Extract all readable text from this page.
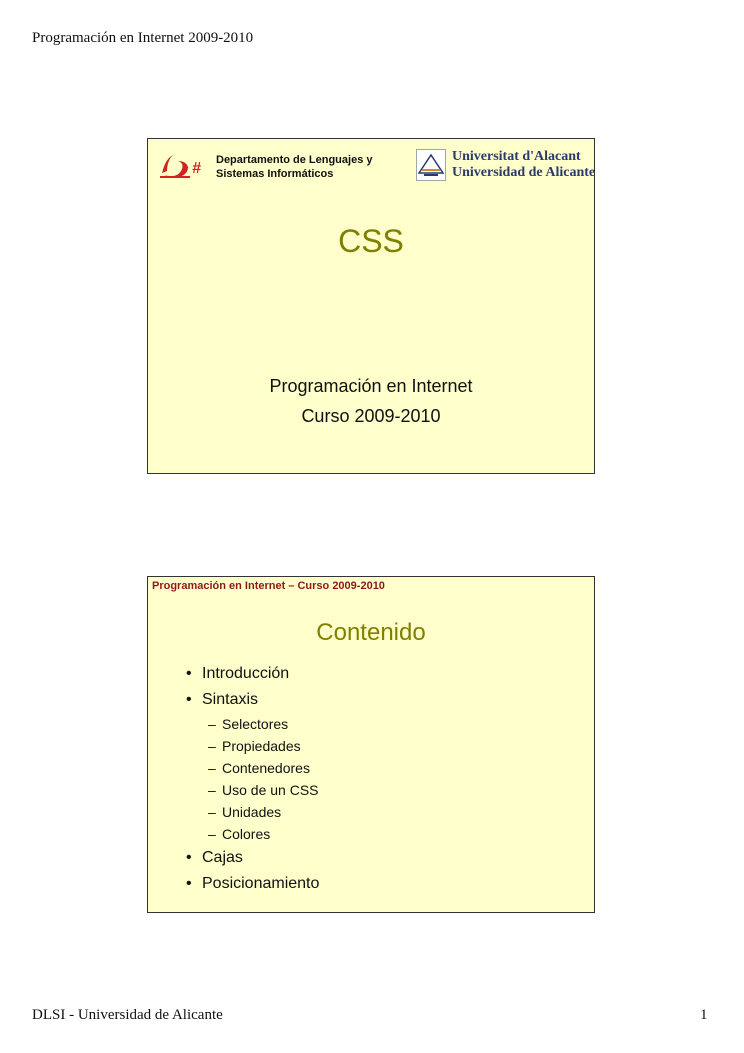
Programación en Internet 2009-2010
# Departamento de Lenguajes y
Sistemas Informáticos
Universitat d'Alacant
Universidad de Alicante
CSS
Programación en Internet
Curso 2009-2010
Programación en Internet – Curso 2009-2010
Contenido
• Introducción
• Sintaxis
– Selectores
– Propiedades
– Contenedores
– Uso de un CSS
– Unidades
– Colores
• Cajas
• Posicionamiento
DLSI - Universidad de Alicante	1
